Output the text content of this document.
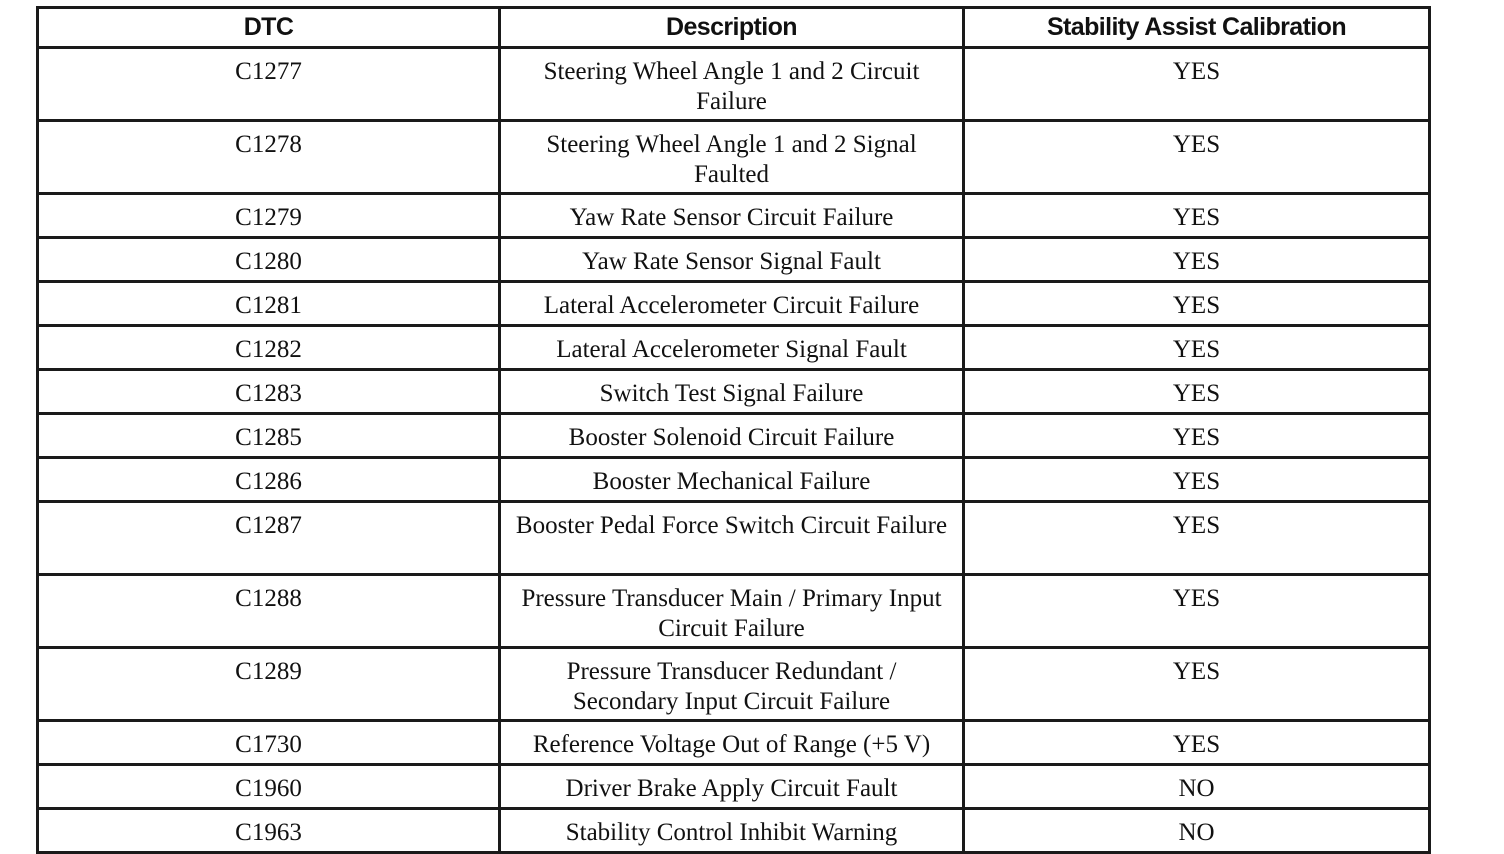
DTC	Description	Stability Assist Calibration
C1277	Steering Wheel Angle 1 and 2 Circuit Failure	YES
C1278	Steering Wheel Angle 1 and 2 Signal Faulted	YES
C1279	Yaw Rate Sensor Circuit Failure	YES
C1280	Yaw Rate Sensor Signal Fault	YES
C1281	Lateral Accelerometer Circuit Failure	YES
C1282	Lateral Accelerometer Signal Fault	YES
C1283	Switch Test Signal Failure	YES
C1285	Booster Solenoid Circuit Failure	YES
C1286	Booster Mechanical Failure	YES
C1287	Booster Pedal Force Switch Circuit Failure	YES
C1288	Pressure Transducer Main / Primary Input Circuit Failure	YES
C1289	Pressure Transducer Redundant / Secondary Input Circuit Failure	YES
C1730	Reference Voltage Out of Range (+5 V)	YES
C1960	Driver Brake Apply Circuit Fault	NO
C1963	Stability Control Inhibit Warning	NO
